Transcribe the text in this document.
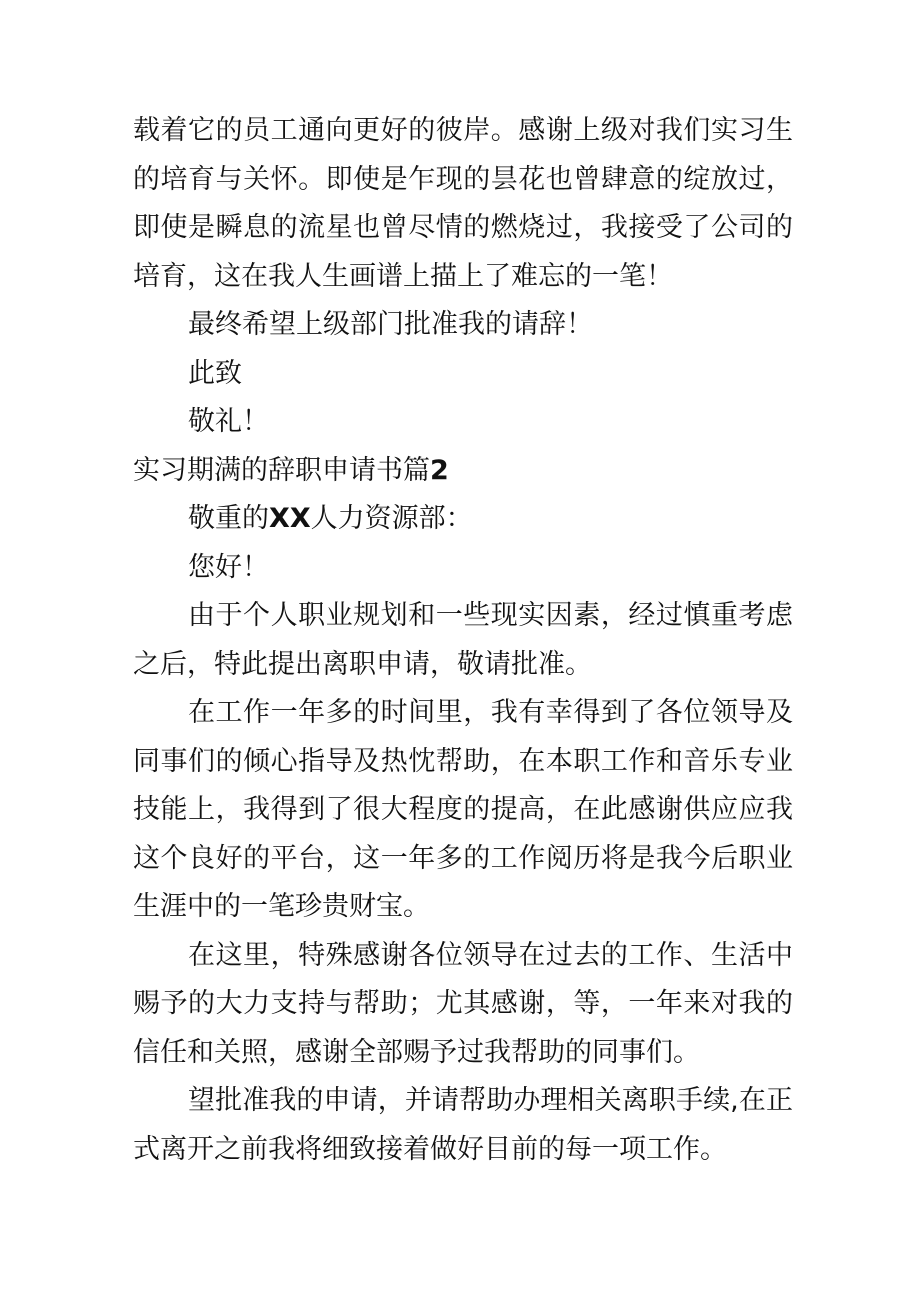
载着它的员工通向更好的彼岸。感谢上级对我们实习生的培育与关怀。即使是乍现的昙花也曾肆意的绽放过，即使是瞬息的流星也曾尽情的燃烧过，我接受了公司的培育，这在我人生画谱上描上了难忘的一笔！

最终希望上级部门批准我的请辞！

此致

敬礼！

实习期满的辞职申请书篇2

敬重的XX人力资源部：

您好！

由于个人职业规划和一些现实因素，经过慎重考虑之后，特此提出离职申请，敬请批准。

在工作一年多的时间里，我有幸得到了各位领导及同事们的倾心指导及热忱帮助，在本职工作和音乐专业技能上，我得到了很大程度的提高，在此感谢供应应我这个良好的平台，这一年多的工作阅历将是我今后职业生涯中的一笔珍贵财宝。

在这里，特殊感谢各位领导在过去的工作、生活中赐予的大力支持与帮助；尤其感谢，等，一年来对我的信任和关照，感谢全部赐予过我帮助的同事们。

望批准我的申请，并请帮助办理相关离职手续,在正式离开之前我将细致接着做好目前的每一项工作。
